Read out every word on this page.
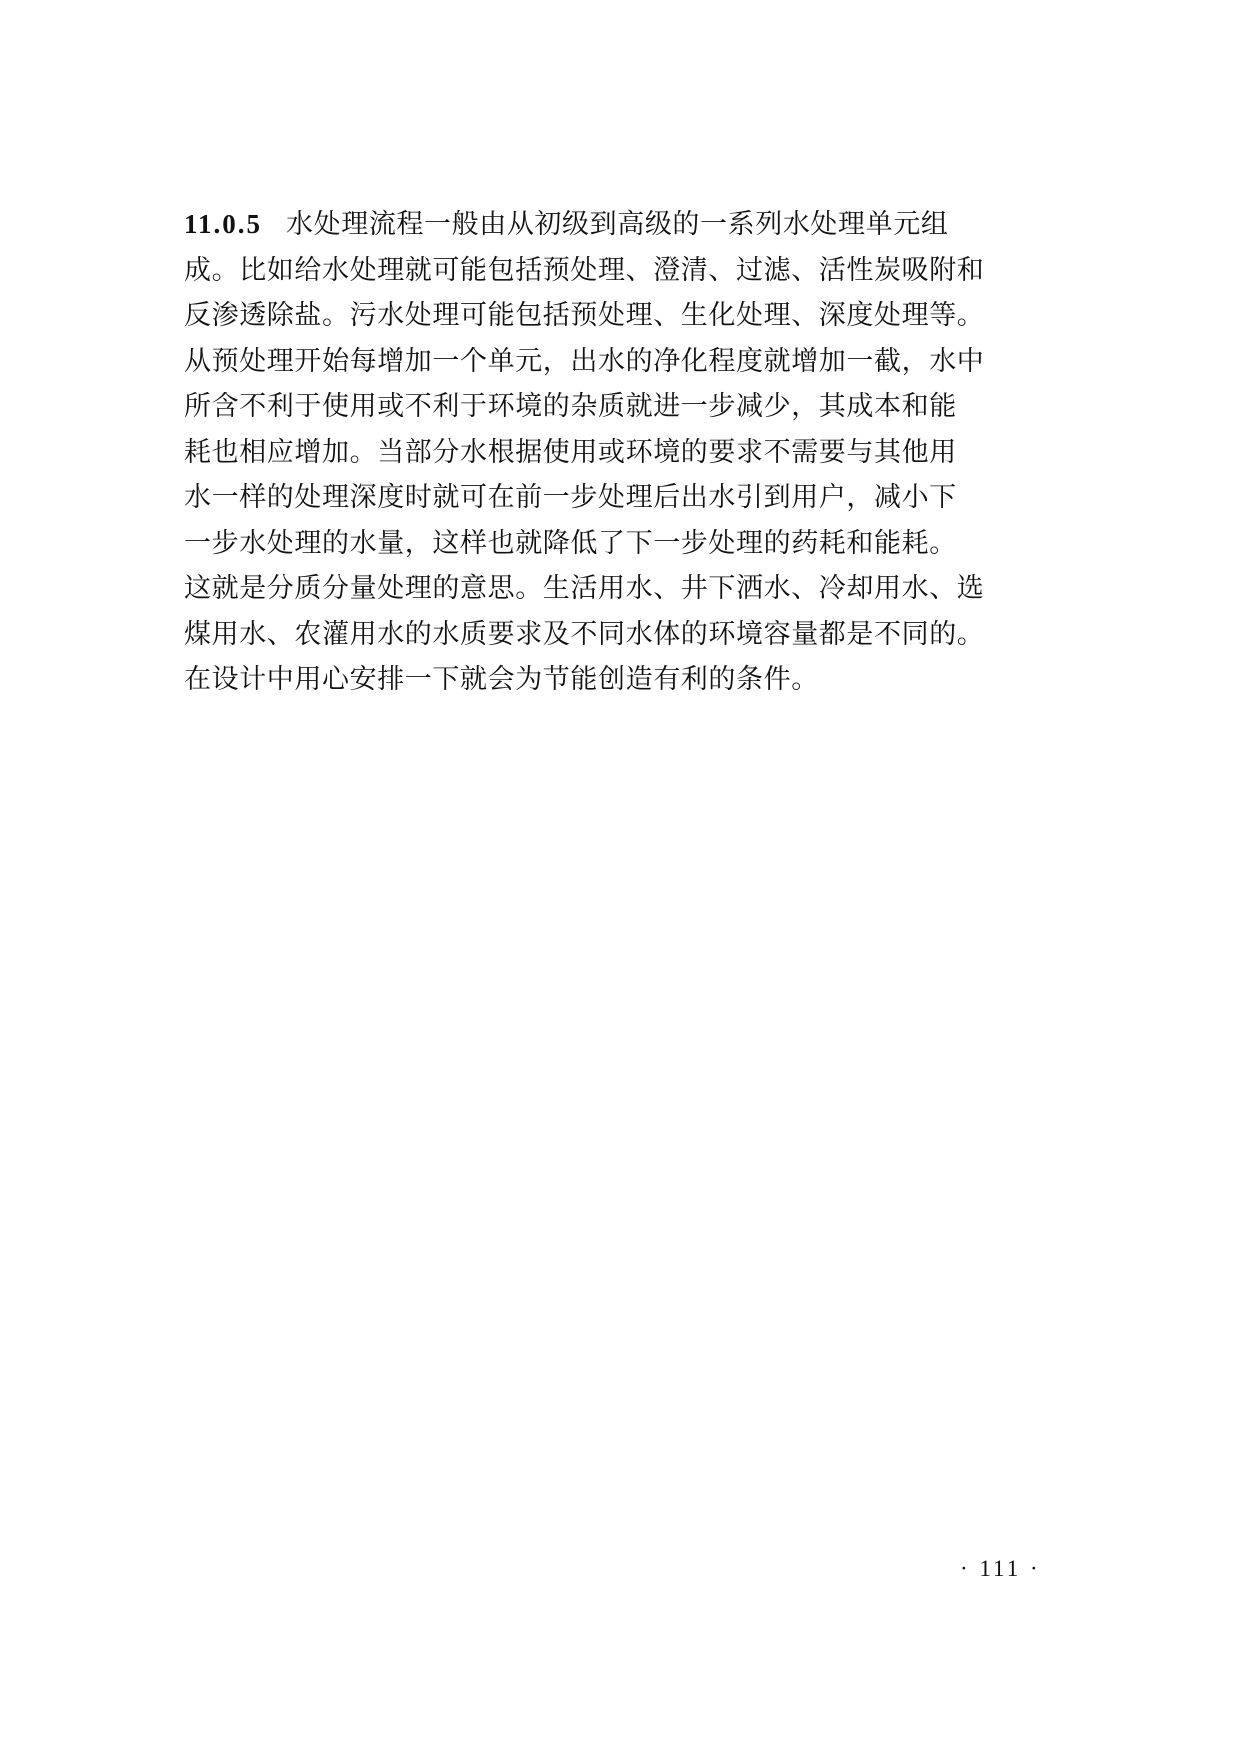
11.0.5 水处理流程一般由从初级到高级的一系列水处理单元组
成。比如给水处理就可能包括预处理、澄清、过滤、活性炭吸附和
反渗透除盐。污水处理可能包括预处理、生化处理、深度处理等。
从预处理开始每增加一个单元，出水的净化程度就增加一截，水中
所含不利于使用或不利于环境的杂质就进一步减少，其成本和能
耗也相应增加。当部分水根据使用或环境的要求不需要与其他用
水一样的处理深度时就可在前一步处理后出水引到用户，减小下
一步水处理的水量，这样也就降低了下一步处理的药耗和能耗。
这就是分质分量处理的意思。生活用水、井下洒水、冷却用水、选
煤用水、农灌用水的水质要求及不同水体的环境容量都是不同的。
在设计中用心安排一下就会为节能创造有利的条件。
· 111 ·
